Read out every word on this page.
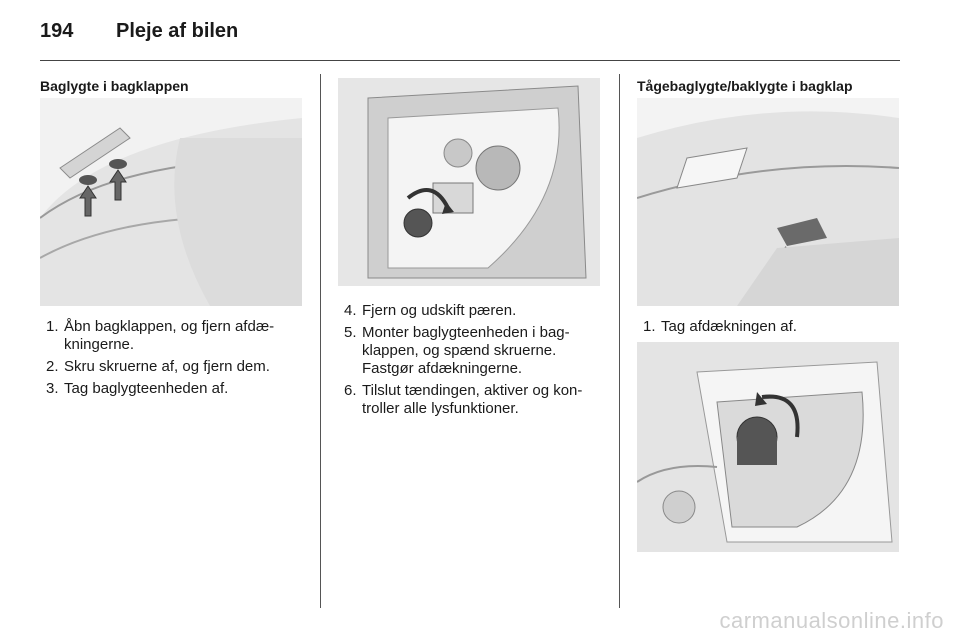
194 Pleje af bilen
Baglygte i bagklappen
1. Åbn bagklappen, og fjern afdæ- kningerne.
2. Skru skruerne af, og fjern dem.
3. Tag baglygteenheden af.
4. Fjern og udskift pæren.
5. Monter baglygteenheden i bag- klappen, og spænd skruerne. Fastgør afdækningerne.
6. Tilslut tændingen, aktiver og kon- troller alle lysfunktioner.
Tågebaglygte/baklygte i bagklap
1. Tag afdækningen af.
carmanualsonline.info
